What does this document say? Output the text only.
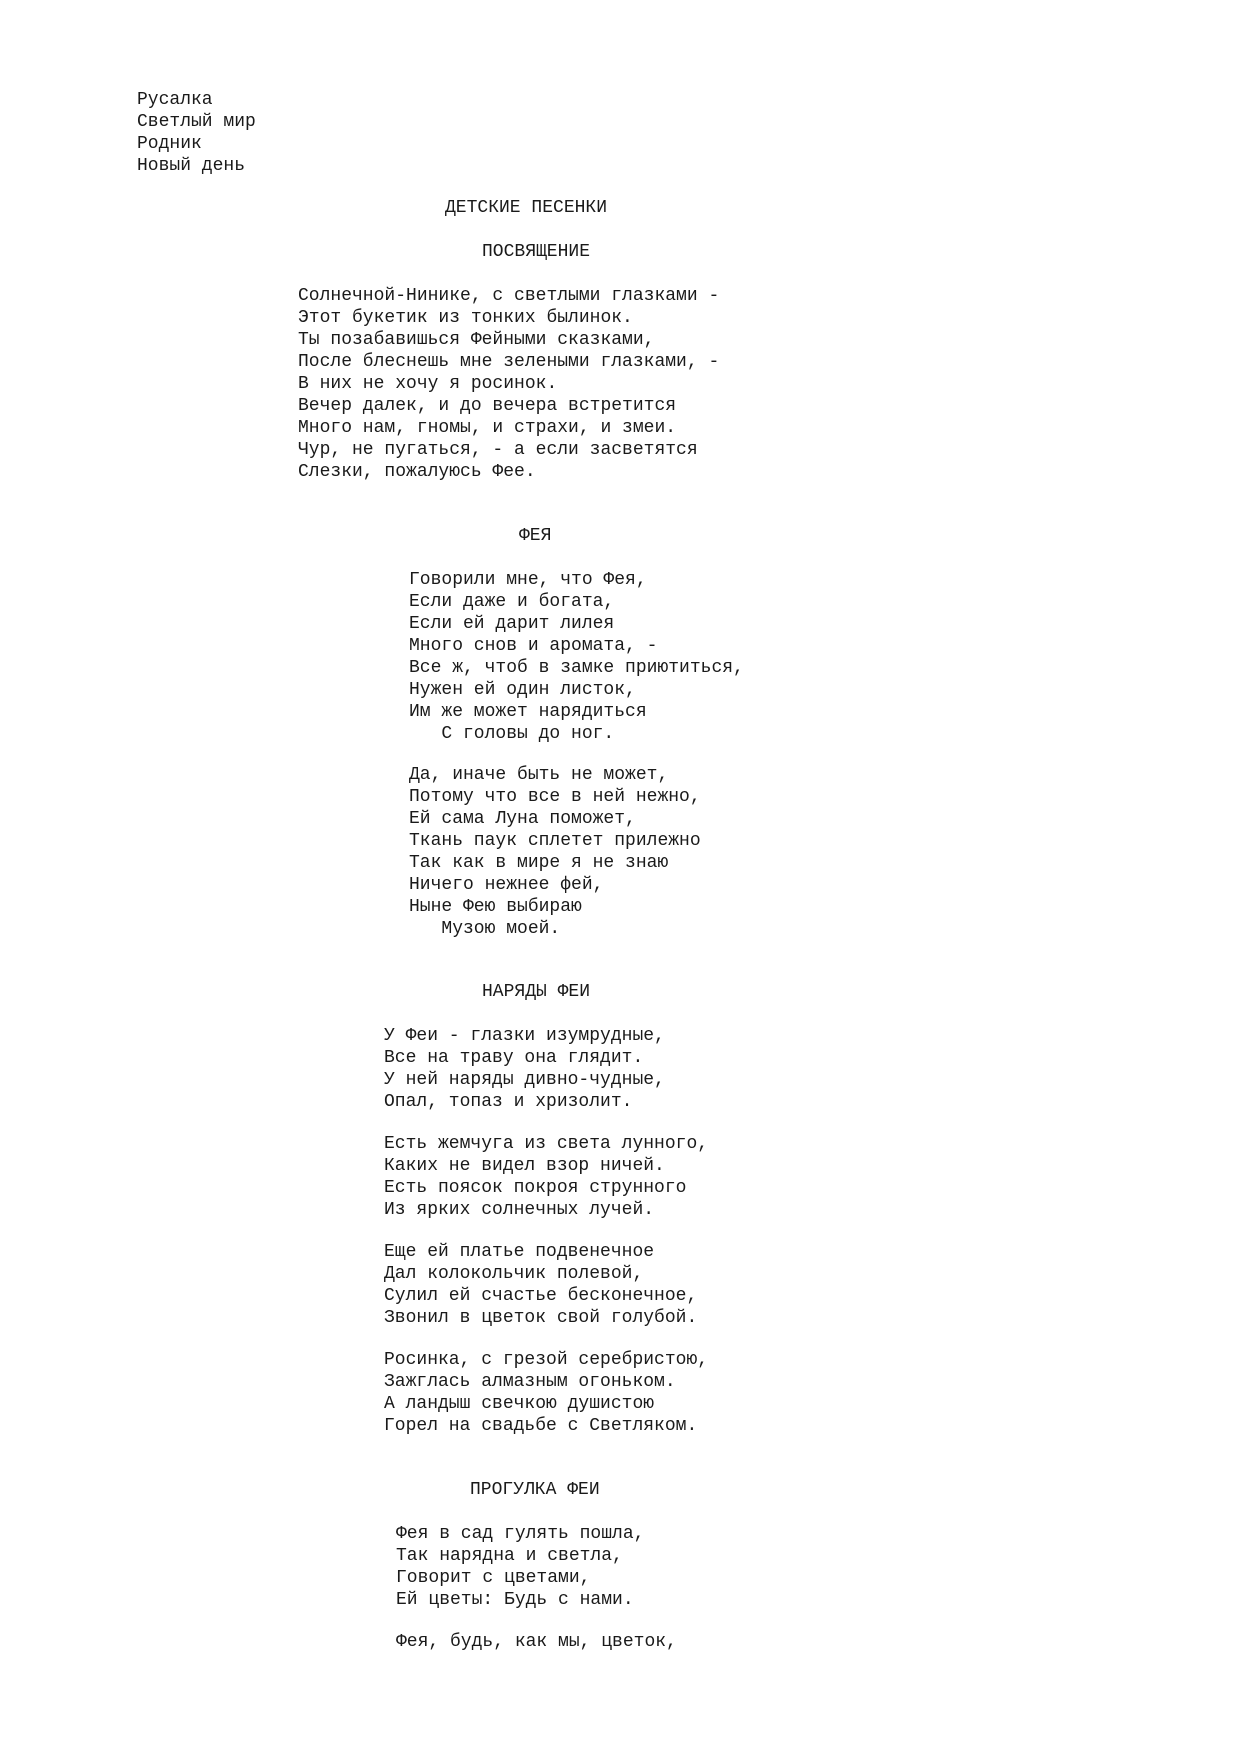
Русалка
Светлый мир
Родник
Новый день
ДЕТСКИЕ ПЕСЕНКИ
ПОСВЯЩЕНИЕ
Солнечной-Нинике, с светлыми глазками -
Этот букетик из тонких былинок.
Ты позабавишься Фейными сказками,
После блеснешь мне зелеными глазками, -
В них не хочу я росинок.
Вечер далек, и до вечера встретится
Много нам, гномы, и страхи, и змеи.
Чур, не пугаться, - а если засветятся
Слезки, пожалуюсь Фее.
ФЕЯ
Говорили мне, что Фея,
Если даже и богата,
Если ей дарит лилея
Много снов и аромата, -
Все ж, чтоб в замке приютиться,
Нужен ей один листок,
Им же может нарядиться
С головы до ног.
Да, иначе быть не может,
Потому что все в ней нежно,
Ей сама Луна поможет,
Ткань паук сплетет прилежно
Так как в мире я не знаю
Ничего нежнее фей,
Ныне Фею выбираю
Музою моей.
НАРЯДЫ ФЕИ
У Феи - глазки изумрудные,
Все на траву она глядит.
У ней наряды дивно-чудные,
Опал, топаз и хризолит.
Есть жемчуга из света лунного,
Каких не видел взор ничей.
Есть поясок покроя струнного
Из ярких солнечных лучей.
Еще ей платье подвенечное
Дал колокольчик полевой,
Сулил ей счастье бесконечное,
Звонил в цветок свой голубой.
Росинка, с грезой серебристою,
Зажглась алмазным огоньком.
А ландыш свечкою душистою
Горел на свадьбе с Светляком.
ПРОГУЛКА ФЕИ
Фея в сад гулять пошла,
Так нарядна и светла,
Говорит с цветами,
Ей цветы: Будь с нами.
Фея, будь, как мы, цветок,
